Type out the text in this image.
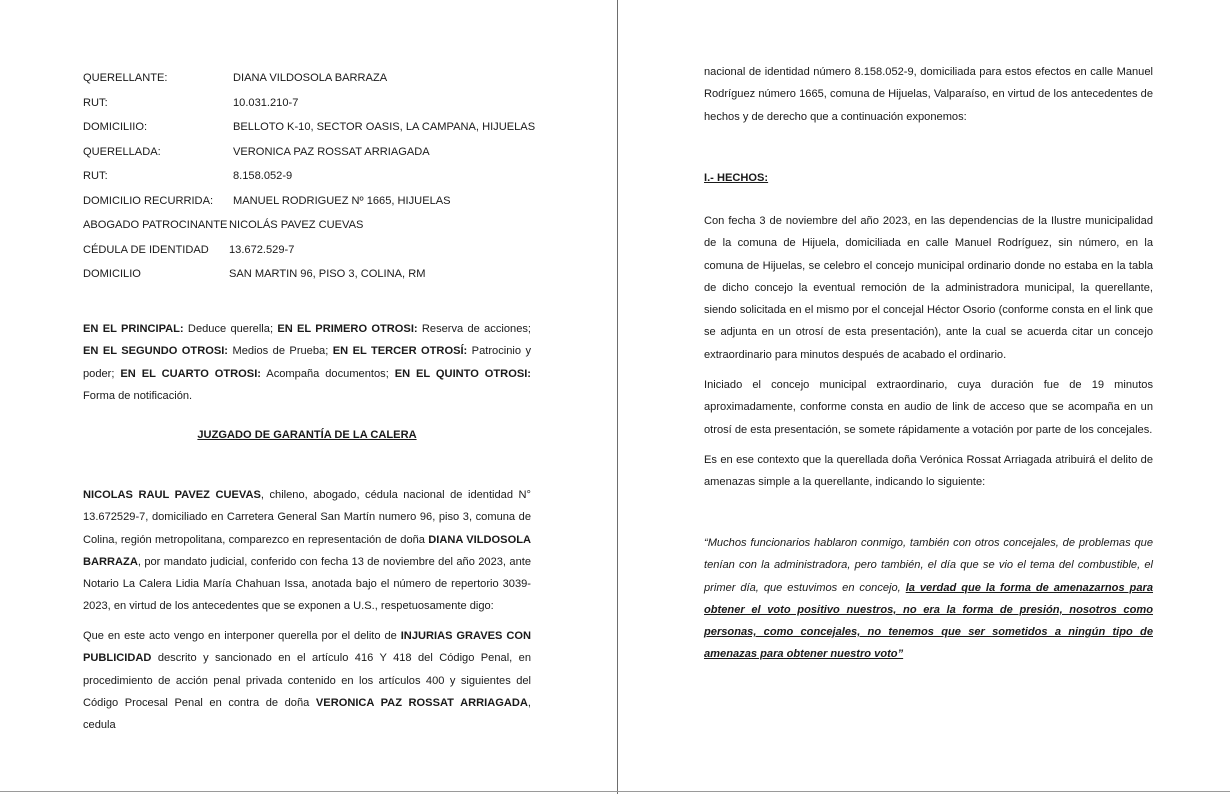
QUERELLANTE:	DIANA VILDOSOLA BARRAZA
RUT:	10.031.210-7
DOMICILIIO:	BELLOTO K-10, SECTOR OASIS, LA CAMPANA, HIJUELAS
QUERELLADA:	VERONICA PAZ ROSSAT ARRIAGADA
RUT:	8.158.052-9
DOMICILIO RECURRIDA: MANUEL RODRIGUEZ Nº 1665, HIJUELAS
ABOGADO PATROCINANTE NICOLÁS PAVEZ CUEVAS
CÉDULA DE IDENTIDAD 13.672.529-7
DOMICILIO	SAN MARTIN 96, PISO 3, COLINA, RM

EN EL PRINCIPAL: Deduce querella; EN EL PRIMERO OTROSI: Reserva de acciones; EN EL SEGUNDO OTROSI: Medios de Prueba; EN EL TERCER OTROSÍ: Patrocinio y poder; EN EL CUARTO OTROSI: Acompaña documentos; EN EL QUINTO OTROSI: Forma de notificación.

JUZGADO DE GARANTÍA DE LA CALERA

NICOLAS RAUL PAVEZ CUEVAS, chileno, abogado, cédula nacional de identidad N° 13.672529-7, domiciliado en Carretera General San Martín numero 96, piso 3, comuna de Colina, región metropolitana, comparezco en representación de doña DIANA VILDOSOLA BARRAZA, por mandato judicial, conferido con fecha 13 de noviembre del año 2023, ante Notario La Calera Lidia María Chahuan Issa, anotada bajo el número de repertorio 3039-2023, en virtud de los antecedentes que se exponen a U.S., respetuosamente digo:

Que en este acto vengo en interponer querella por el delito de INJURIAS GRAVES CON PUBLICIDAD descrito y sancionado en el artículo 416 Y 418 del Código Penal, en procedimiento de acción penal privada contenido en los artículos 400 y siguientes del Código Procesal Penal en contra de doña VERONICA PAZ ROSSAT ARRIAGADA, cedula

nacional de identidad número 8.158.052-9, domiciliada para estos efectos en calle Manuel Rodríguez número 1665, comuna de Hijuelas, Valparaíso, en virtud de los antecedentes de hechos y de derecho que a continuación exponemos:

I.- HECHOS:

Con fecha 3 de noviembre del año 2023, en las dependencias de la Ilustre municipalidad de la comuna de Hijuela, domiciliada en calle Manuel Rodríguez, sin número, en la comuna de Hijuelas, se celebro el concejo municipal ordinario donde no estaba en la tabla de dicho concejo la eventual remoción de la administradora municipal, la querellante, siendo solicitada en el mismo por el concejal Héctor Osorio (conforme consta en el link que se adjunta en un otrosí de esta presentación), ante la cual se acuerda citar un concejo extraordinario para minutos después de acabado el ordinario.

Iniciado el concejo municipal extraordinario, cuya duración fue de 19 minutos aproximadamente, conforme consta en audio de link de acceso que se acompaña en un otrosí de esta presentación, se somete rápidamente a votación por parte de los concejales.

Es en ese contexto que la querellada doña Verónica Rossat Arriagada atribuirá el delito de amenazas simple a la querellante, indicando lo siguiente:

“Muchos funcionarios hablaron conmigo, también con otros concejales, de problemas que tenían con la administradora, pero también, el día que se vio el tema del combustible, el primer día, que estuvimos en concejo, la verdad que la forma de amenazarnos para obtener el voto positivo nuestros, no era la forma de presión, nosotros como personas, como concejales, no tenemos que ser sometidos a ningún tipo de amenazas para obtener nuestro voto”
